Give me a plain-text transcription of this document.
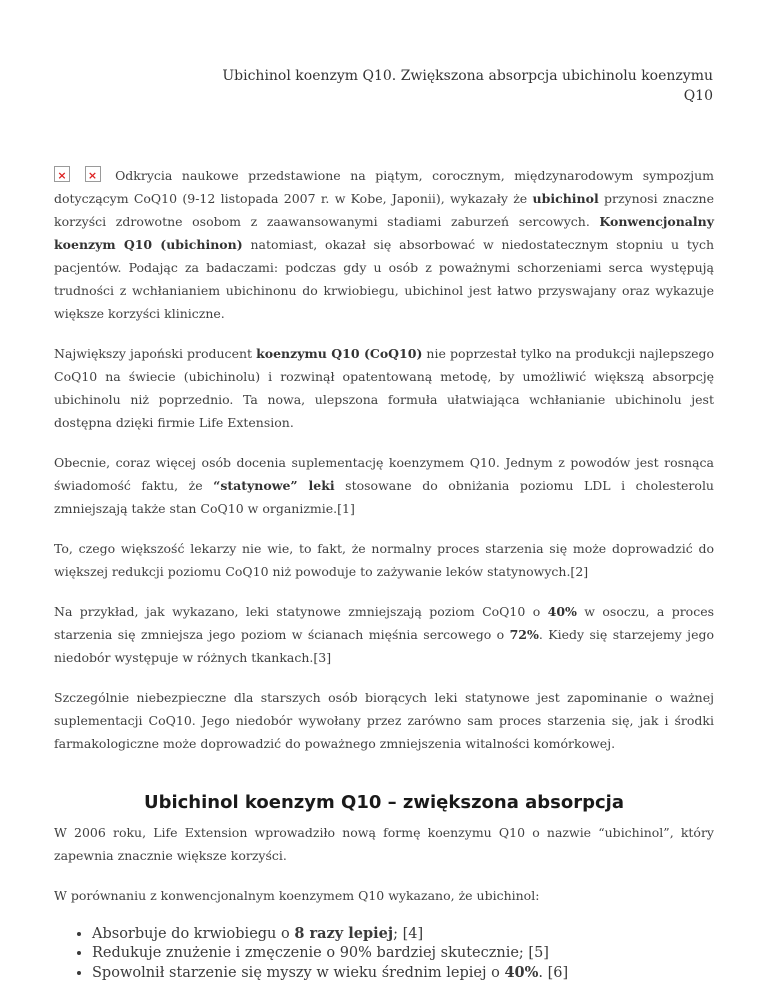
Ubichinol koenzym Q10. Zwiększona absorpcja ubichinolu koenzymu Q10

×
× Odkrycia naukowe przedstawione na piątym, corocznym, międzynarodowym sympozjum dotyczącym CoQ10 (9-12 listopada 2007 r. w Kobe, Japonii), wykazały że ubichinol przynosi znaczne korzyści zdrowotne osobom z zaawansowanymi stadiami zaburzeń sercowych. Konwencjonalny koenzym Q10 (ubichinon) natomiast, okazał się absorbować w niedostatecznym stopniu u tych pacjentów. Podając za badaczami: podczas gdy u osób z poważnymi schorzeniami serca występują trudności z wchłanianiem ubichinonu do krwiobiegu, ubichinol jest łatwo przyswajany oraz wykazuje większe korzyści kliniczne.

Największy japoński producent koenzymu Q10 (CoQ10) nie poprzestał tylko na produkcji najlepszego CoQ10 na świecie (ubichinolu) i rozwinął opatentowaną metodę, by umożliwić większą absorpcję ubichinolu niż poprzednio. Ta nowa, ulepszona formuła ułatwiająca wchłanianie ubichinolu jest dostępna dzięki firmie Life Extension.

Obecnie, coraz więcej osób docenia suplementację koenzymem Q10. Jednym z powodów jest rosnąca świadomość faktu, że “statynowe” leki stosowane do obniżania poziomu LDL i cholesterolu zmniejszają także stan CoQ10 w organizmie.[1]

To, czego większość lekarzy nie wie, to fakt, że normalny proces starzenia się może doprowadzić do większej redukcji poziomu CoQ10 niż powoduje to zażywanie leków statynowych.[2]

Na przykład, jak wykazano, leki statynowe zmniejszają poziom CoQ10 o 40% w osoczu, a proces starzenia się zmniejsza jego poziom w ścianach mięśnia sercowego o 72%. Kiedy się starzejemy jego niedobór występuje w różnych tkankach.[3]

Szczególnie niebezpieczne dla starszych osób biorących leki statynowe jest zapominanie o ważnej suplementacji CoQ10. Jego niedobór wywołany przez zarówno sam proces starzenia się, jak i środki farmakologiczne może doprowadzić do poważnego zmniejszenia witalności komórkowej.

Ubichinol koenzym Q10 – zwiększona absorpcja

W 2006 roku, Life Extension wprowadziło nową formę koenzymu Q10 o nazwie “ubichinol”, który zapewnia znacznie większe korzyści.

W porównaniu z konwencjonalnym koenzymem Q10 wykazano, że ubichinol:

• Absorbuje do krwiobiegu o 8 razy lepiej; [4]
• Redukuje znużenie i zmęczenie o 90% bardziej skutecznie; [5]
• Spowolnił starzenie się myszy w wieku średnim lepiej o 40%. [6]
